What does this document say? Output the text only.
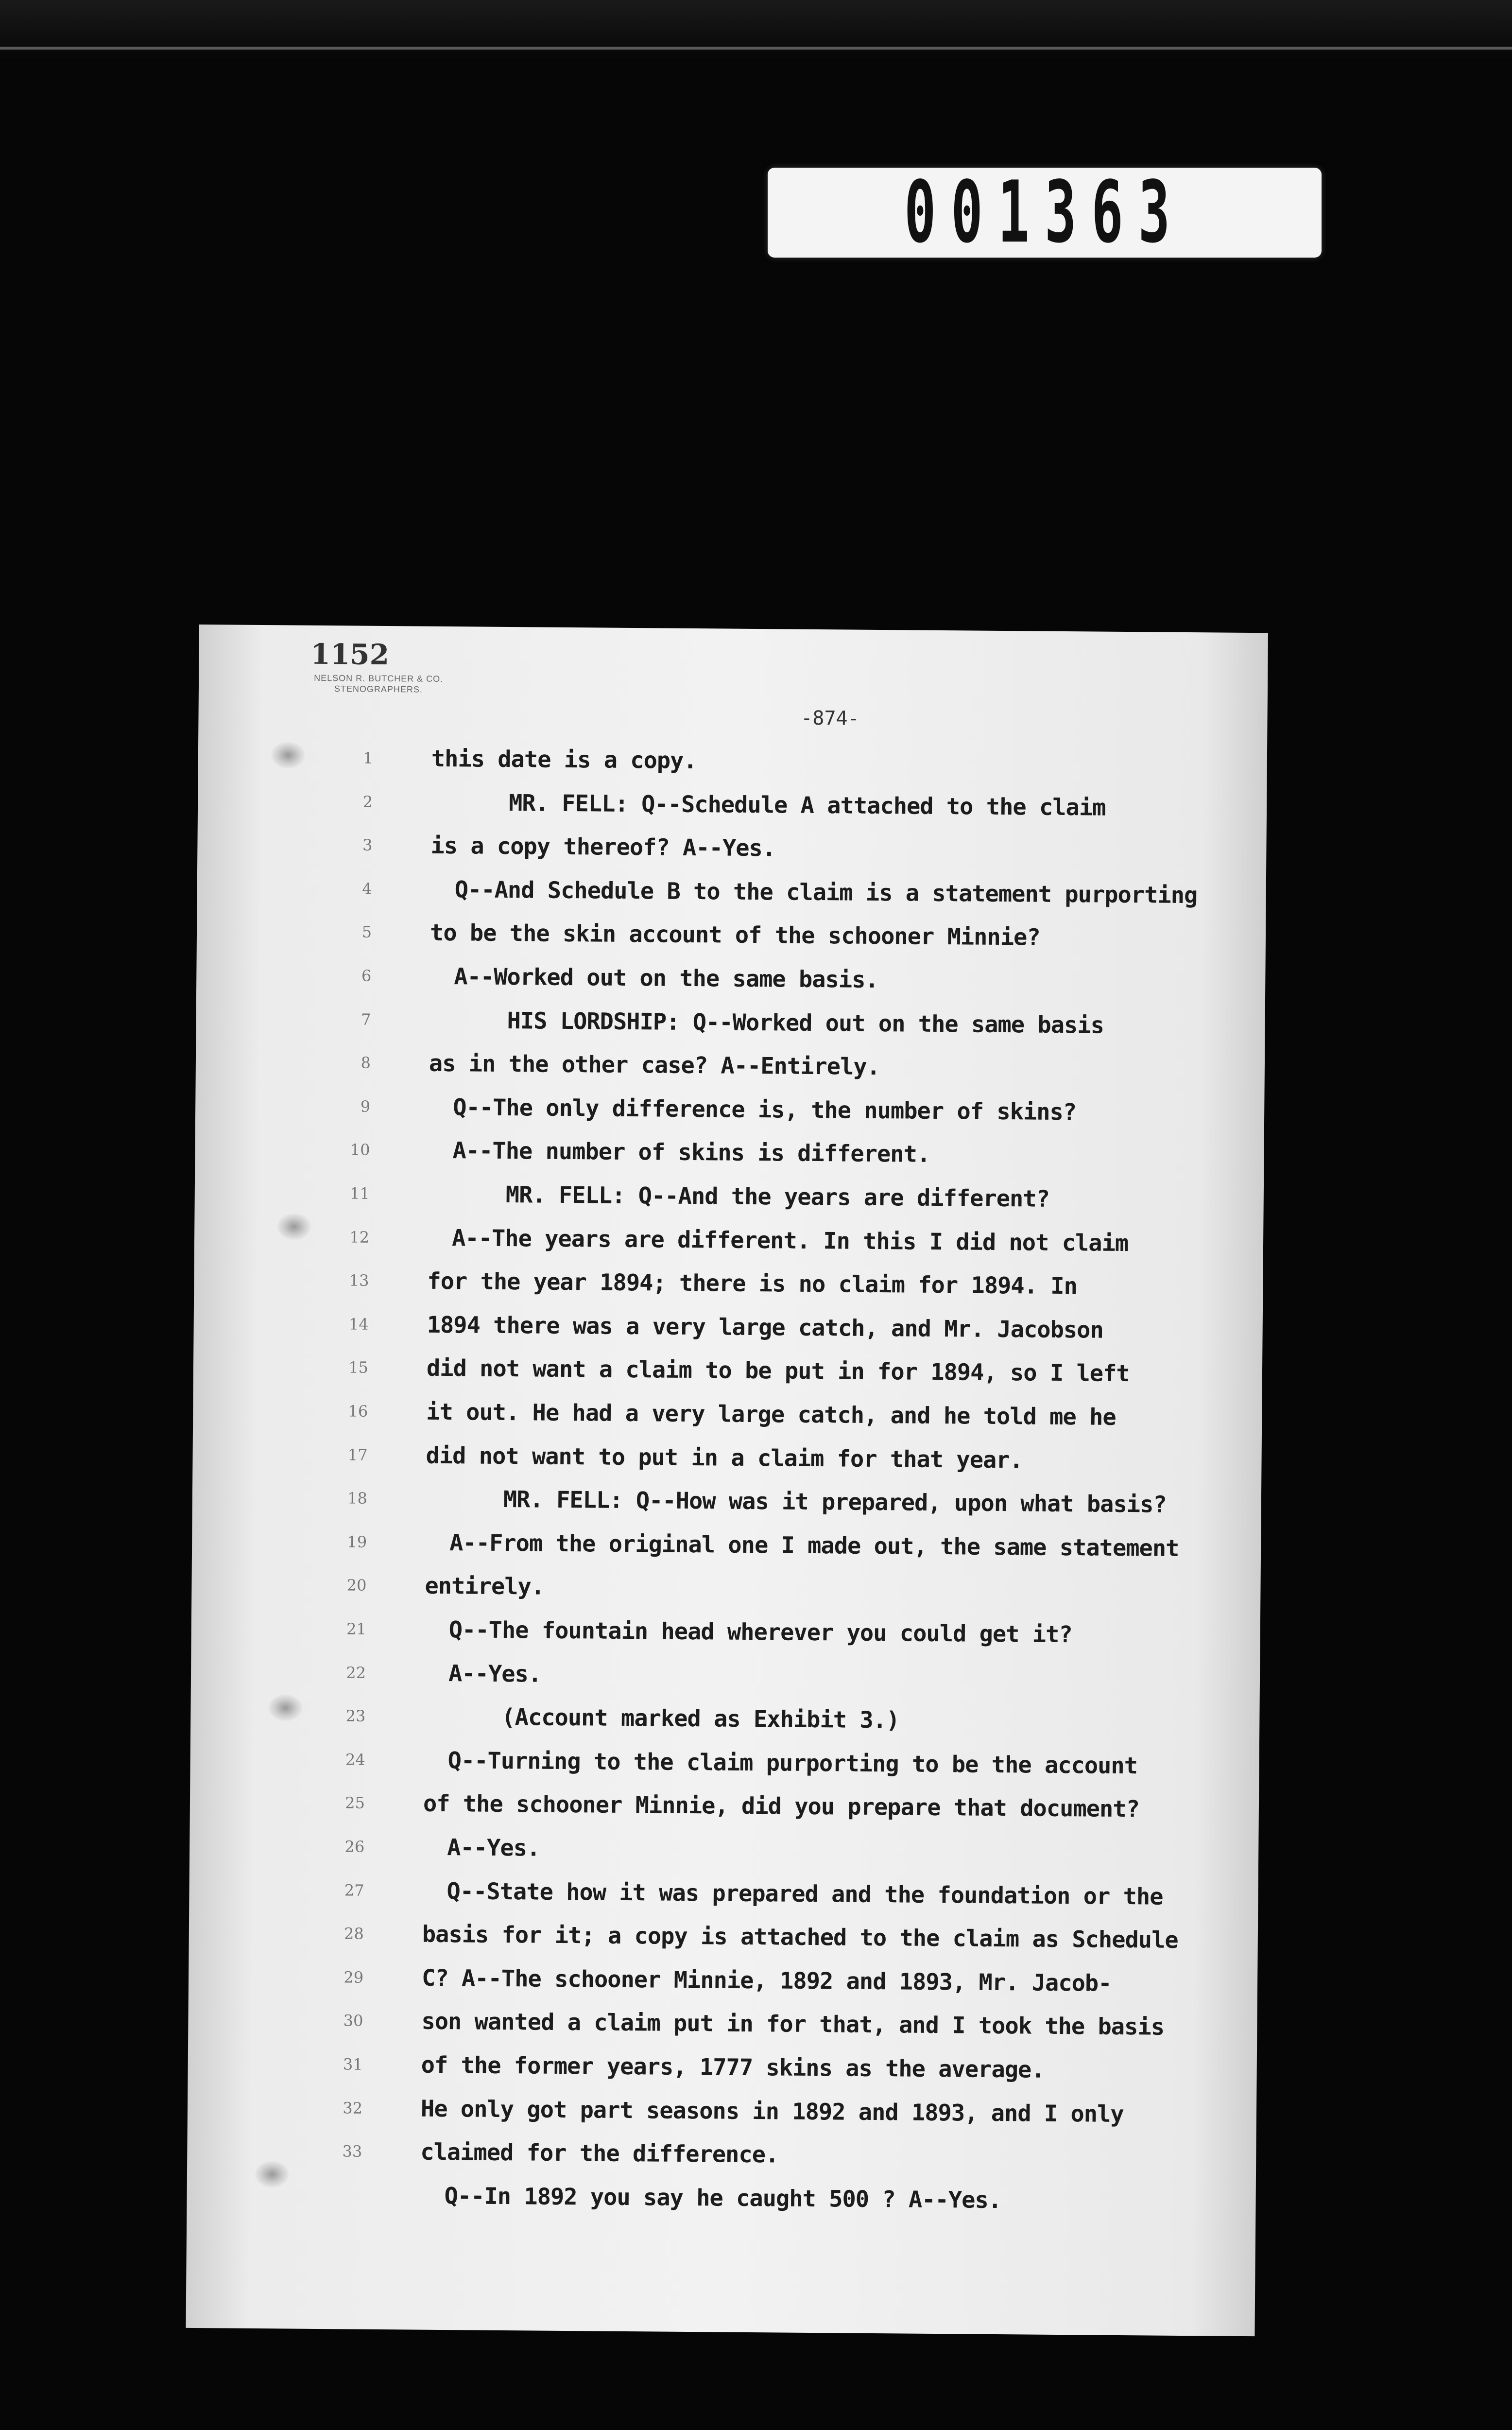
001363
1152
NELSON R. BUTCHER & CO.
STENOGRAPHERS.
-874-
1	this date is a copy.
2	MR. FELL: Q--Schedule A attached to the claim
3	is a copy thereof? A--Yes.
4	Q--And Schedule B to the claim is a statement purporting
5	to be the skin account of the schooner Minnie?
6	A--Worked out on the same basis.
7	HIS LORDSHIP: Q--Worked out on the same basis
8	as in the other case? A--Entirely.
9	Q--The only difference is, the number of skins?
10	A--The number of skins is different.
11	MR. FELL: Q--And the years are different?
12	A--The years are different. In this I did not claim
13	for the year 1894; there is no claim for 1894. In
14	1894 there was a very large catch, and Mr. Jacobson
15	did not want a claim to be put in for 1894, so I left
16	it out. He had a very large catch, and he told me he
17	did not want to put in a claim for that year.
18	MR. FELL: Q--How was it prepared, upon what basis?
19	A--From the original one I made out, the same statement
20	entirely.
21	Q--The fountain head wherever you could get it?
22	A--Yes.
23	(Account marked as Exhibit 3.)
24	Q--Turning to the claim purporting to be the account
25	of the schooner Minnie, did you prepare that document?
26	A--Yes.
27	Q--State how it was prepared and the foundation or the
28	basis for it; a copy is attached to the claim as Schedule
29	C? A--The schooner Minnie, 1892 and 1893, Mr. Jacob-
30	son wanted a claim put in for that, and I took the basis
31	of the former years, 1777 skins as the average.
32	He only got part seasons in 1892 and 1893, and I only
33	claimed for the difference.
Q--In 1892 you say he caught 500 ? A--Yes.
